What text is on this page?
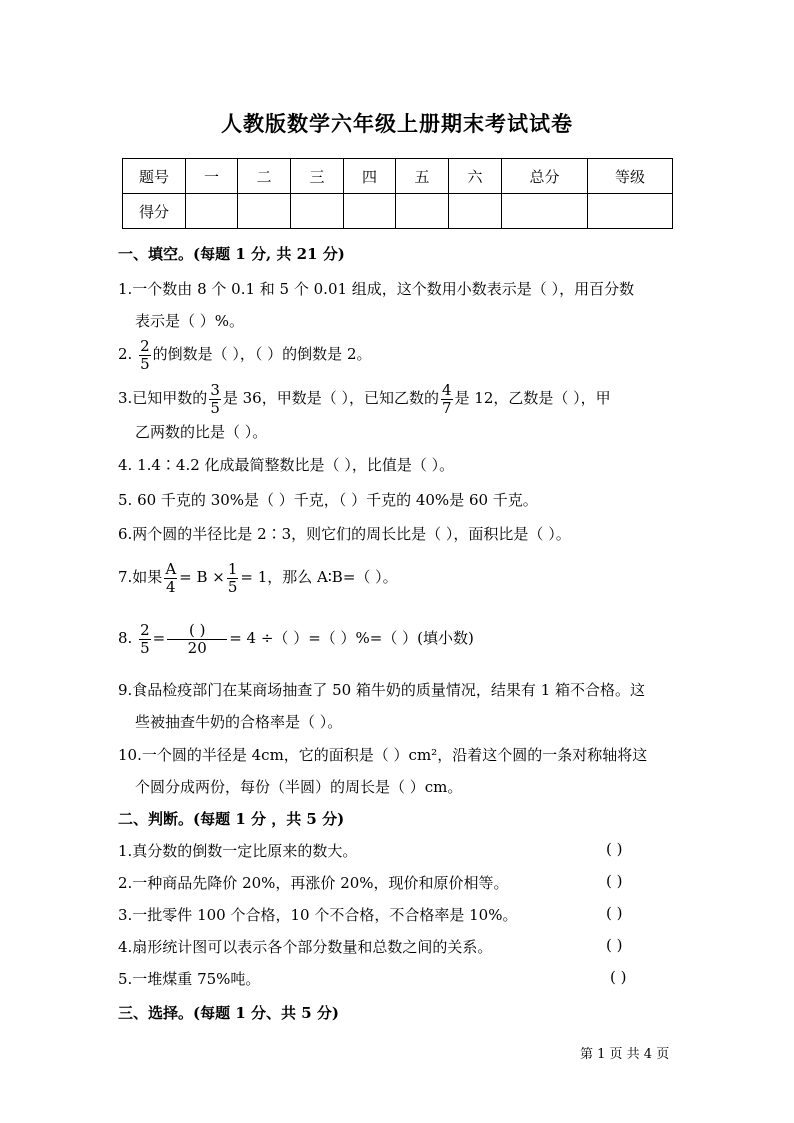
人教版数学六年级上册期末考试试卷
题号	一	二	三	四	五	六	总分	等级
得分								
一、填空。(每题 1 分, 共 21 分)
1.一个数由 8 个 0.1 和 5 个 0.01 组成，这个数用小数表示是（ ），用百分数
表示是（ ）%。
2. $\frac{2}{5}$ 的倒数是（ ），（ ）的倒数是 2。
3.已知甲数的 $\frac{3}{5}$ 是 36，甲数是（ ），已知乙数的 $\frac{4}{7}$ 是 12，乙数是（ ），甲
乙两数的比是（ ）。
4. 1.4∶4.2 化成最简整数比是（ ），比值是（ ）。
5. 60 千克的 30%是（ ）千克，（ ）千克的 40%是 60 千克。
6.两个圆的半径比是 2∶3，则它们的周长比是（ ），面积比是（ ）。
7.如果 $\frac{A}{4} = B \times \frac{1}{5} = 1$，那么 A∶B=（ ）。
8. $\frac{2}{5} = \frac{( )}{20} = 4$ ÷（ ）=（ ）%=（ ）(填小数)
9.食品检疫部门在某商场抽查了 50 箱牛奶的质量情况，结果有 1 箱不合格。这
些被抽查牛奶的合格率是（ ）。
10.一个圆的半径是 4cm，它的面积是（ ）cm²，沿着这个圆的一条对称轴将这
个圆分成两份，每份（半圆）的周长是（ ）cm。
二、判断。(每题 1 分 ，共 5 分)
1.真分数的倒数一定比原来的数大。	( )
2.一种商品先降价 20%，再涨价 20%，现价和原价相等。	( )
3.一批零件 100 个合格，10 个不合格，不合格率是 10%。	( )
4.扇形统计图可以表示各个部分数量和总数之间的关系。	( )
5.一堆煤重 75%吨。	( )
三、选择。(每题 1 分、共 5 分)
第 1 页 共 4 页
